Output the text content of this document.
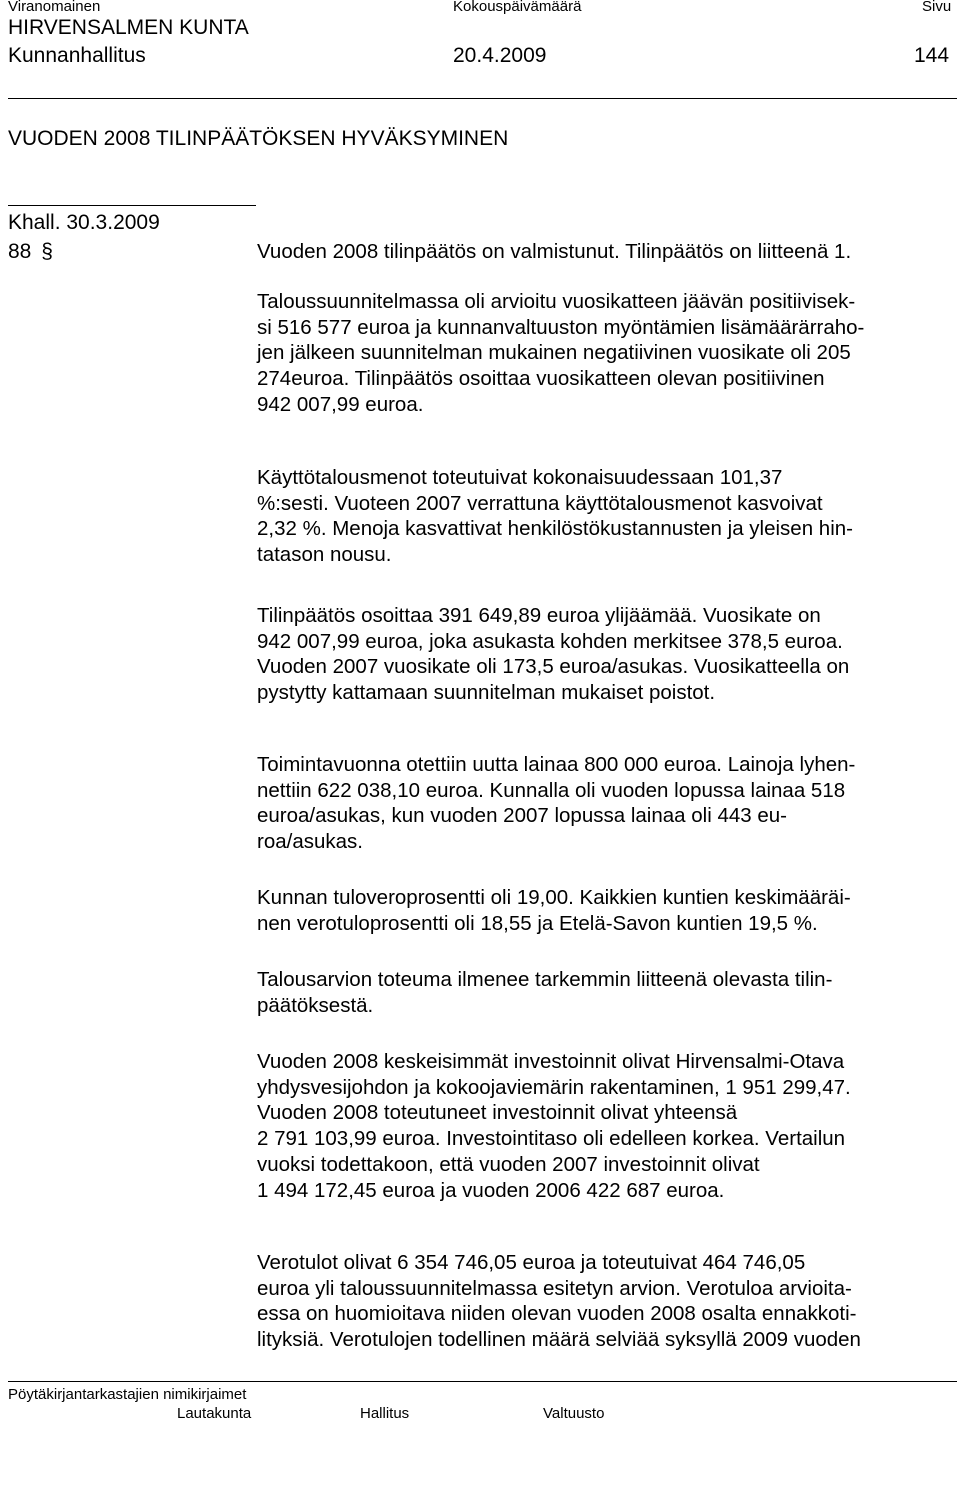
Viranomainen	Kokouspäivämäärä	Sivu
HIRVENSALMEN KUNTA
Kunnanhallitus	20.4.2009	144
VUODEN 2008 TILINPÄÄTÖKSEN HYVÄKSYMINEN
Khall. 30.3.2009
88 §	Vuoden 2008 tilinpäätös on valmistunut. Tilinpäätös on liitteenä 1.
Taloussuunnitelmassa oli arvioitu vuosikatteen jäävän positiivisek-
si 516 577 euroa ja kunnanvaltuuston myöntämien lisämäärärraho-
jen jälkeen suunnitelman mukainen negatiivinen vuosikate oli 205
274euroa. Tilinpäätös osoittaa vuosikatteen olevan positiivinen
942 007,99 euroa.
Käyttötalousmenot toteutuivat kokonaisuudessaan 101,37
%:sesti. Vuoteen 2007 verrattuna käyttötalousmenot kasvoivat
2,32 %. Menoja kasvattivat henkilöstökustannusten ja yleisen hin-
tatason nousu.
Tilinpäätös osoittaa 391 649,89 euroa ylijäämää. Vuosikate on
942 007,99 euroa, joka asukasta kohden merkitsee 378,5 euroa.
Vuoden 2007 vuosikate oli 173,5 euroa/asukas. Vuosikatteella on
pystytty kattamaan suunnitelman mukaiset poistot.
Toimintavuonna otettiin uutta lainaa 800 000 euroa. Lainoja lyhen-
nettiin 622 038,10 euroa. Kunnalla oli vuoden lopussa lainaa 518
euroa/asukas, kun vuoden 2007 lopussa lainaa oli 443 eu-
roa/asukas.
Kunnan tuloveroprosentti oli 19,00. Kaikkien kuntien keskimääräi-
nen verotuloprosentti oli 18,55 ja Etelä-Savon kuntien 19,5 %.
Talousarvion toteuma ilmenee tarkemmin liitteenä olevasta tilin-
päätöksestä.
Vuoden 2008 keskeisimmät investoinnit olivat Hirvensalmi-Otava
yhdysvesijohdon ja kokoojaviemärin rakentaminen, 1 951 299,47.
Vuoden 2008 toteutuneet investoinnit olivat yhteensä
2 791 103,99 euroa. Investointitaso oli edelleen korkea. Vertailun
vuoksi todettakoon, että vuoden 2007 investoinnit olivat
1 494 172,45 euroa ja vuoden 2006 422 687 euroa.
Verotulot olivat 6 354 746,05 euroa ja toteutuivat 464 746,05
euroa yli taloussuunnitelmassa esitetyn arvion. Verotuloa arvioita-
essa on huomioitava niiden olevan vuoden 2008 osalta ennakkoti-
lityksiä. Verotulojen todellinen määrä selviää syksyllä 2009 vuoden
Pöytäkirjantarkastajien nimikirjaimet
Lautakunta	Hallitus	Valtuusto
